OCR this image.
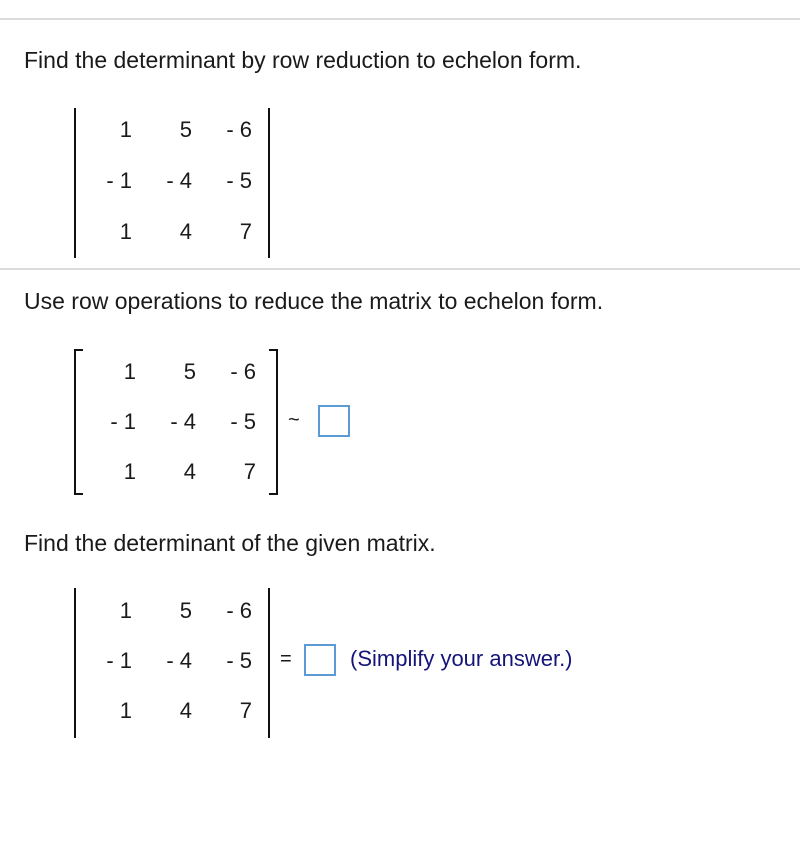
Find the determinant by row reduction to echelon form.
1	5	- 6
- 1	- 4	- 5
1	4	7
Use row operations to reduce the matrix to echelon form.
1	5	- 6
- 1	- 4	- 5
1	4	7
~
Find the determinant of the given matrix.
1	5	- 6
- 1	- 4	- 5
1	4	7
=	(Simplify your answer.)
